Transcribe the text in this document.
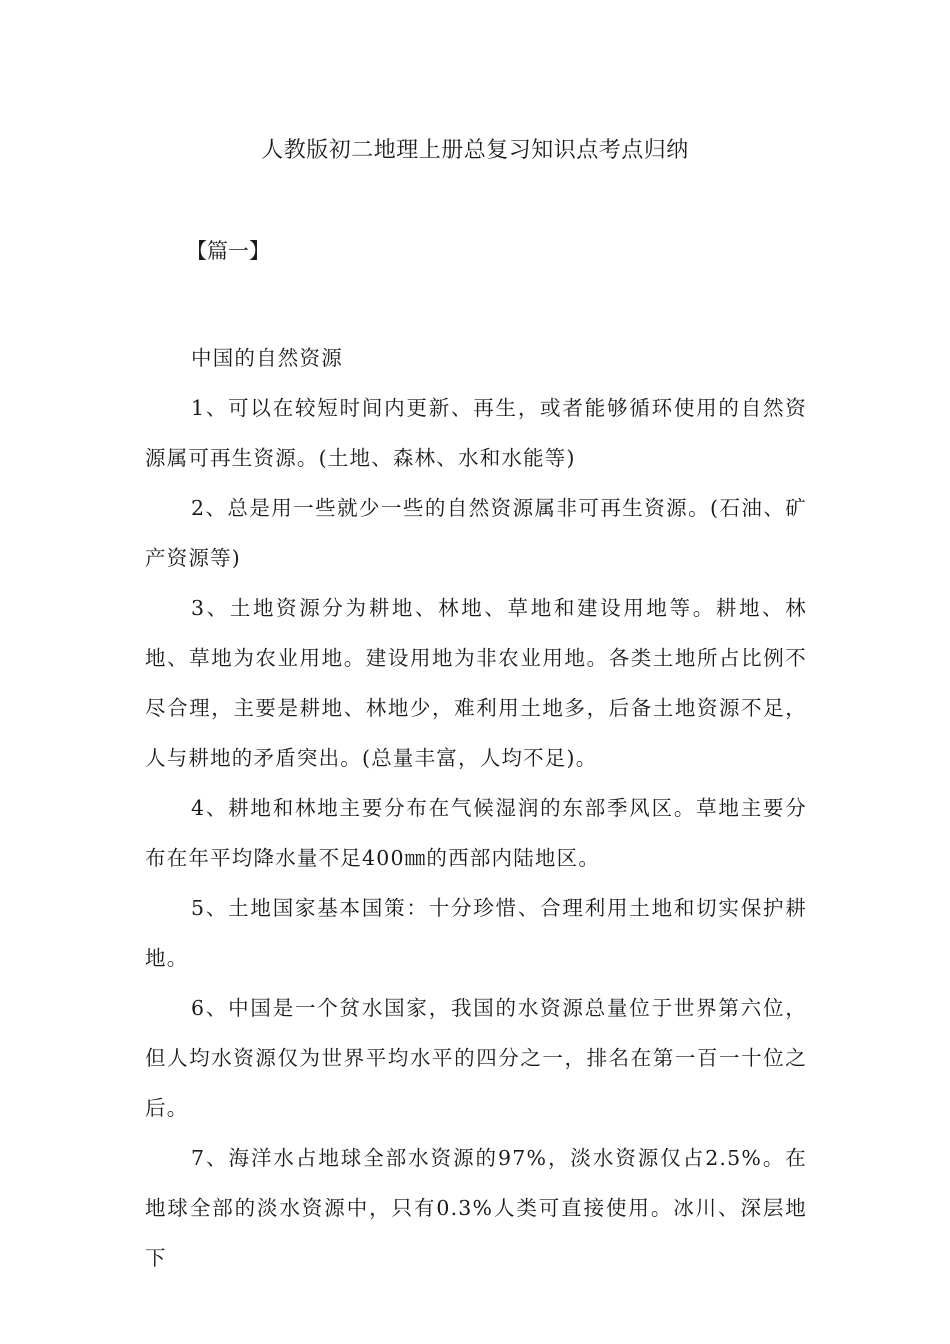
人教版初二地理上册总复习知识点考点归纳
【篇一】

中国的自然资源

1、可以在较短时间内更新、再生，或者能够循环使用的自然资源属可再生资源。(土地、森林、水和水能等)

2、总是用一些就少一些的自然资源属非可再生资源。(石油、矿产资源等)

3、土地资源分为耕地、林地、草地和建设用地等。耕地、林地、草地为农业用地。建设用地为非农业用地。各类土地所占比例不尽合理，主要是耕地、林地少，难利用土地多，后备土地资源不足，人与耕地的矛盾突出。(总量丰富，人均不足)。

4、耕地和林地主要分布在气候湿润的东部季风区。草地主要分布在年平均降水量不足400㎜的西部内陆地区。

5、土地国家基本国策：十分珍惜、合理利用土地和切实保护耕地。

6、中国是一个贫水国家，我国的水资源总量位于世界第六位，但人均水资源仅为世界平均水平的四分之一，排名在第一百一十位之后。

7、海洋水占地球全部水资源的97%，淡水资源仅占2.5%。在地球全部的淡水资源中，只有0.3%人类可直接使用。冰川、深层地下
